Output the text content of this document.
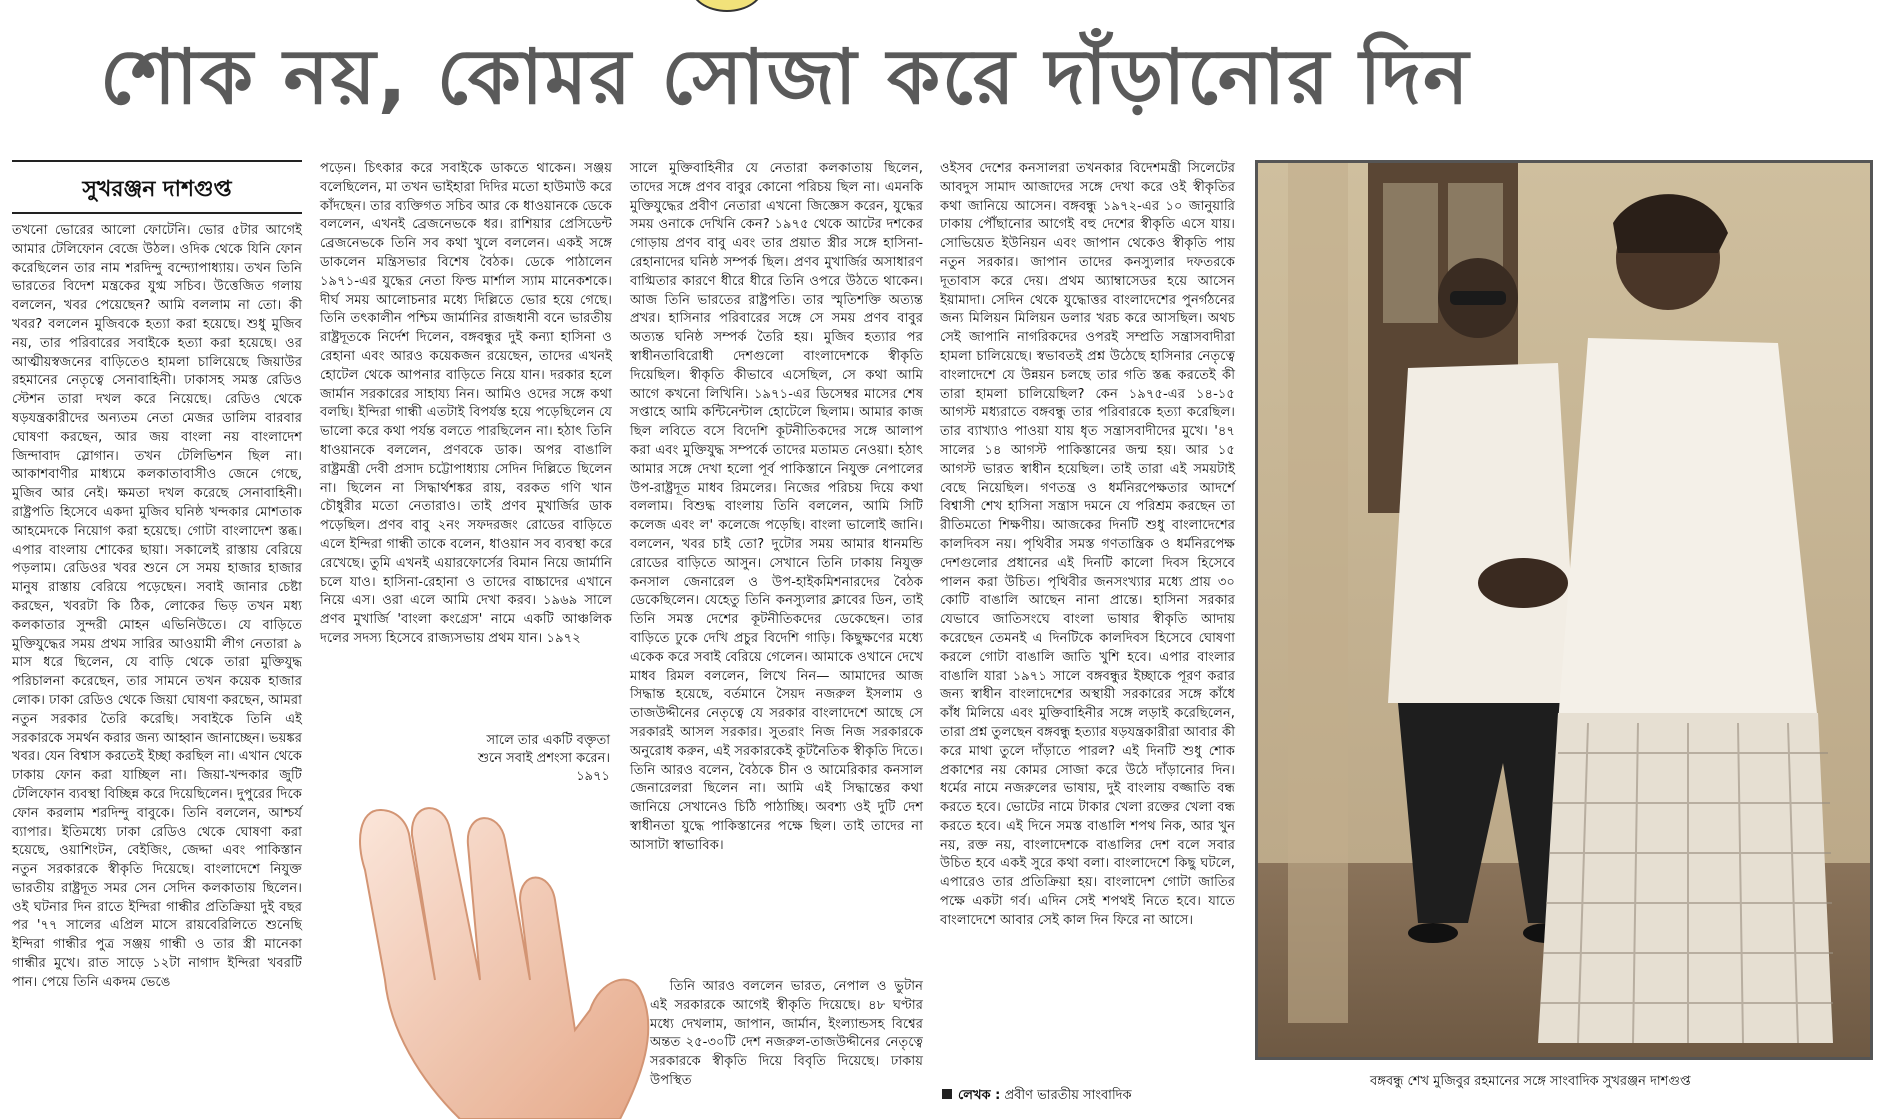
শোক নয়, কোমর সোজা করে দাঁড়ানোর দিন
সুখরঞ্জন দাশগুপ্ত

তখনো ভোরের আলো ফোটেনি। ভোর ৫টার আগেই আমার টেলিফোন বেজে উঠল। ওদিক থেকে যিনি ফোন করেছিলেন তার নাম শরদিন্দু বন্দ্যোপাধ্যায়। তখন তিনি ভারতের বিদেশ মন্ত্রকের যুগ্ম সচিব। উত্তেজিত গলায় বললেন, খবর পেয়েছেন? আমি বললাম না তো। কী খবর? বললেন মুজিবকে হত্যা করা হয়েছে। শুধু মুজিব নয়, তার পরিবারের সবাইকে হত্যা করা হয়েছে। ওর আত্মীয়স্বজনের বাড়িতেও হামলা চালিয়েছে জিয়াউর রহমানের নেতৃত্বে সেনাবাহিনী। ঢাকাসহ সমস্ত রেডিও স্টেশন তারা দখল করে নিয়েছে। রেডিও থেকে ষড়যন্ত্রকারীদের অন্যতম নেতা মেজর ডালিম বারবার ঘোষণা করছেন, আর জয় বাংলা নয় বাংলাদেশ জিন্দাবাদ স্লোগান। তখন টেলিভিশন ছিল না। আকাশবাণীর মাধ্যমে কলকাতাবাসীও জেনে গেছে, মুজিব আর নেই। ক্ষমতা দখল করেছে সেনাবাহিনী। রাষ্ট্রপতি হিসেবে একদা মুজিব ঘনিষ্ঠ খন্দকার মোশতাক আহমেদকে নিয়োগ করা হয়েছে। গোটা বাংলাদেশ স্তব্ধ। এপার বাংলায় শোকের ছায়া। সকালেই রাস্তায় বেরিয়ে পড়লাম। রেডিওর খবর শুনে সে সময় হাজার হাজার মানুষ রাস্তায় বেরিয়ে পড়েছেন। সবাই জানার চেষ্টা করছেন, খবরটা কি ঠিক, লোকের ভিড় তখন মধ্য কলকাতার সুন্দরী মোহন এভিনিউতে। যে বাড়িতে মুক্তিযুদ্ধের সময় প্রথম সারির আওয়ামী লীগ নেতারা ৯ মাস ধরে ছিলেন, যে বাড়ি থেকে তারা মুক্তিযুদ্ধ পরিচালনা করেছেন, তার সামনে তখন কয়েক হাজার লোক। ঢাকা রেডিও থেকে জিয়া ঘোষণা করছেন, আমরা নতুন সরকার তৈরি করেছি। সবাইকে তিনি এই সরকারকে সমর্থন করার জন্য আহ্বান জানাচ্ছেন। ভয়ঙ্কর খবর। যেন বিশ্বাস করতেই ইচ্ছা করছিল না। এখান থেকে ঢাকায় ফোন করা যাচ্ছিল না। জিয়া-খন্দকার জুটি টেলিফোন ব্যবস্থা বিচ্ছিন্ন করে দিয়েছিলেন। দুপুরের দিকে ফোন করলাম শরদিন্দু বাবুকে। তিনি বললেন, আশ্চর্য ব্যাপার। ইতিমধ্যে ঢাকা রেডিও থেকে ঘোষণা করা হয়েছে, ওয়াশিংটন, বেইজিং, জেদ্দা এবং পাকিস্তান নতুন সরকারকে স্বীকৃতি দিয়েছে। বাংলাদেশে নিযুক্ত ভারতীয় রাষ্ট্রদূত সমর সেন সেদিন কলকাতায় ছিলেন। ওই ঘটনার দিন রাতে ইন্দিরা গান্ধীর প্রতিক্রিয়া দুই বছর পর '৭৭ সালের এপ্রিল মাসে রায়বেরিলিতে শুনেছি ইন্দিরা গান্ধীর পুত্র সঞ্জয় গান্ধী ও তার স্ত্রী মানেকা গান্ধীর মুখে। রাত সাড়ে ১২টা নাগাদ ইন্দিরা খবরটি পান। পেয়ে তিনি একদম ভেঙে

পড়েন। চিৎকার করে সবাইকে ডাকতে থাকেন। সঞ্জয় বলেছিলেন, মা তখন ভাইহারা দিদির মতো হাউমাউ করে কাঁদছেন। তার ব্যক্তিগত সচিব আর কে ধাওয়ানকে ডেকে বললেন, এখনই ব্রেজনেভকে ধর। রাশিয়ার প্রেসিডেন্ট ব্রেজনেভকে তিনি সব কথা খুলে বললেন। একই সঙ্গে ডাকলেন মন্ত্রিসভার বিশেষ বৈঠক। ডেকে পাঠালেন ১৯৭১-এর যুদ্ধের নেতা ফিল্ড মার্শাল স্যাম মানেকশকে। দীর্ঘ সময় আলোচনার মধ্যে দিল্লিতে ভোর হয়ে গেছে। তিনি তৎকালীন পশ্চিম জার্মানির রাজধানী বনে ভারতীয় রাষ্ট্রদূতকে নির্দেশ দিলেন, বঙ্গবন্ধুর দুই কন্যা হাসিনা ও রেহানা এবং আরও কয়েকজন রয়েছেন, তাদের এখনই হোটেল থেকে আপনার বাড়িতে নিয়ে যান। দরকার হলে জার্মান সরকারের সাহায্য নিন। আমিও ওদের সঙ্গে কথা বলছি। ইন্দিরা গান্ধী এতটাই বিপর্যস্ত হয়ে পড়েছিলেন যে ভালো করে কথা পর্যন্ত বলতে পারছিলেন না। হঠাৎ তিনি ধাওয়ানকে বললেন, প্রণবকে ডাক। অপর বাঙালি রাষ্ট্রমন্ত্রী দেবী প্রসাদ চট্টোপাধ্যায় সেদিন দিল্লিতে ছিলেন না। ছিলেন না সিদ্ধার্থশঙ্কর রায়, বরকত গণি খান চৌধুরীর মতো নেতারাও। তাই প্রণব মুখার্জির ডাক পড়েছিল। প্রণব বাবু ২নং সফদরজং রোডের বাড়িতে এলে ইন্দিরা গান্ধী তাকে বলেন, ধাওয়ান সব ব্যবস্থা করে রেখেছে। তুমি এখনই এয়ারফোর্সের বিমান নিয়ে জার্মানি চলে যাও। হাসিনা-রেহানা ও তাদের বাচ্চাদের এখানে নিয়ে এস। ওরা এলে আমি দেখা করব। ১৯৬৯ সালে প্রণব মুখার্জি 'বাংলা কংগ্রেস' নামে একটি আঞ্চলিক দলের সদস্য হিসেবে রাজ্যসভায় প্রথম যান। ১৯৭২

সালে তার একটি বক্তৃতা শুনে সবাই প্রশংসা করেন। ১৯৭১

সালে মুক্তিবাহিনীর যে নেতারা কলকাতায় ছিলেন, তাদের সঙ্গে প্রণব বাবুর কোনো পরিচয় ছিল না। এমনকি মুক্তিযুদ্ধের প্রবীণ নেতারা এখনো জিজ্ঞেস করেন, যুদ্ধের সময় ওনাকে দেখিনি কেন? ১৯৭৫ থেকে আটের দশকের গোড়ায় প্রণব বাবু এবং তার প্রয়াত স্ত্রীর সঙ্গে হাসিনা-রেহানাদের ঘনিষ্ঠ সম্পর্ক ছিল। প্রণব মুখার্জির অসাধারণ বাগ্মিতার কারণে ধীরে ধীরে তিনি ওপরে উঠতে থাকেন। আজ তিনি ভারতের রাষ্ট্রপতি। তার স্মৃতিশক্তি অত্যন্ত প্রখর। হাসিনার পরিবারের সঙ্গে সে সময় প্রণব বাবুর অত্যন্ত ঘনিষ্ঠ সম্পর্ক তৈরি হয়। মুজিব হত্যার পর স্বাধীনতাবিরোধী দেশগুলো বাংলাদেশকে স্বীকৃতি দিয়েছিল। স্বীকৃতি কীভাবে এসেছিল, সে কথা আমি আগে কখনো লিখিনি। ১৯৭১-এর ডিসেম্বর মাসের শেষ সপ্তাহে আমি কন্টিনেন্টাল হোটেলে ছিলাম। আমার কাজ ছিল লবিতে বসে বিদেশি কূটনীতিকদের সঙ্গে আলাপ করা এবং মুক্তিযুদ্ধ সম্পর্কে তাদের মতামত নেওয়া। হঠাৎ আমার সঙ্গে দেখা হলো পূর্ব পাকিস্তানে নিযুক্ত নেপালের উপ-রাষ্ট্রদূত মাধব রিমলের। নিজের পরিচয় দিয়ে কথা বললাম। বিশুদ্ধ বাংলায় তিনি বললেন, আমি সিটি কলেজ এবং ল' কলেজে পড়েছি। বাংলা ভালোই জানি। বললেন, খবর চাই তো? দুটোর সময় আমার ধানমন্ডি রোডের বাড়িতে আসুন। সেখানে তিনি ঢাকায় নিযুক্ত কনসাল জেনারেল ও উপ-হাইকমিশনারদের বৈঠক ডেকেছিলেন। যেহেতু তিনি কনস্যুলার ক্লাবের ডিন, তাই তিনি সমস্ত দেশের কূটনীতিকদের ডেকেছেন। তার বাড়িতে ঢুকে দেখি প্রচুর বিদেশি গাড়ি। কিছুক্ষণের মধ্যে একেক করে সবাই বেরিয়ে গেলেন। আমাকে ওখানে দেখে মাধব রিমল বললেন, লিখে নিন— আমাদের আজ সিদ্ধান্ত হয়েছে, বর্তমানে সৈয়দ নজরুল ইসলাম ও তাজউদ্দীনের নেতৃত্বে যে সরকার বাংলাদেশে আছে সে সরকারই আসল সরকার। সুতরাং নিজ নিজ সরকারকে অনুরোধ করুন, এই সরকারকেই কূটনৈতিক স্বীকৃতি দিতে। তিনি আরও বলেন, বৈঠকে চীন ও আমেরিকার কনসাল জেনারেলরা ছিলেন না। আমি এই সিদ্ধান্তের কথা জানিয়ে সেখানেও চিঠি পাঠাচ্ছি। অবশ্য ওই দুটি দেশ স্বাধীনতা যুদ্ধে পাকিস্তানের পক্ষে ছিল। তাই তাদের না আসাটা স্বাভাবিক।

তিনি আরও বললেন ভারত, নেপাল ও ভুটান এই সরকারকে আগেই স্বীকৃতি দিয়েছে। ৪৮ ঘণ্টার মধ্যে দেখলাম, জাপান, জার্মান, ইংল্যান্ডসহ বিশ্বের অন্তত ২৫-৩০টি দেশ নজরুল-তাজউদ্দীনের নেতৃত্বে সরকারকে স্বীকৃতি দিয়ে বিবৃতি দিয়েছে। ঢাকায় উপস্থিত

ওইসব দেশের কনসালরা তখনকার বিদেশমন্ত্রী সিলেটের আবদুস সামাদ আজাদের সঙ্গে দেখা করে ওই স্বীকৃতির কথা জানিয়ে আসেন। বঙ্গবন্ধু ১৯৭২-এর ১০ জানুয়ারি ঢাকায় পৌঁছানোর আগেই বহু দেশের স্বীকৃতি এসে যায়। সোভিয়েত ইউনিয়ন এবং জাপান থেকেও স্বীকৃতি পায় নতুন সরকার। জাপান তাদের কনস্যুলার দফতরকে দূতাবাস করে দেয়। প্রথম অ্যাম্বাসেডর হয়ে আসেন ইয়ামাদা। সেদিন থেকে যুদ্ধোত্তর বাংলাদেশের পুনর্গঠনের জন্য মিলিয়ন মিলিয়ন ডলার খরচ করে আসছিল। অথচ সেই জাপানি নাগরিকদের ওপরই সম্প্রতি সন্ত্রাসবাদীরা হামলা চালিয়েছে। স্বভাবতই প্রশ্ন উঠেছে হাসিনার নেতৃত্বে বাংলাদেশে যে উন্নয়ন চলছে তার গতি স্তব্ধ করতেই কী তারা হামলা চালিয়েছিল? কেন ১৯৭৫-এর ১৪-১৫ আগস্ট মধ্যরাতে বঙ্গবন্ধু তার পরিবারকে হত্যা করেছিল। তার ব্যাখ্যাও পাওয়া যায় ধৃত সন্ত্রাসবাদীদের মুখে। '৪৭ সালের ১৪ আগস্ট পাকিস্তানের জন্ম হয়। আর ১৫ আগস্ট ভারত স্বাধীন হয়েছিল। তাই তারা এই সময়টাই বেছে নিয়েছিল। গণতন্ত্র ও ধর্মনিরপেক্ষতার আদর্শে বিশ্বাসী শেখ হাসিনা সন্ত্রাস দমনে যে পরিশ্রম করছেন তা রীতিমতো শিক্ষণীয়। আজকের দিনটি শুধু বাংলাদেশের কালদিবস নয়। পৃথিবীর সমস্ত গণতান্ত্রিক ও ধর্মনিরপেক্ষ দেশগুলোর প্রধানের এই দিনটি কালো দিবস হিসেবে পালন করা উচিত। পৃথিবীর জনসংখ্যার মধ্যে প্রায় ৩০ কোটি বাঙালি আছেন নানা প্রান্তে। হাসিনা সরকার যেভাবে জাতিসংঘে বাংলা ভাষার স্বীকৃতি আদায় করেছেন তেমনই এ দিনটিকে কালদিবস হিসেবে ঘোষণা করলে গোটা বাঙালি জাতি খুশি হবে। এপার বাংলার বাঙালি যারা ১৯৭১ সালে বঙ্গবন্ধুর ইচ্ছাকে পূরণ করার জন্য স্বাধীন বাংলাদেশের অস্থায়ী সরকারের সঙ্গে কাঁধে কাঁধ মিলিয়ে এবং মুক্তিবাহিনীর সঙ্গে লড়াই করেছিলেন, তারা প্রশ্ন তুলছেন বঙ্গবন্ধু হত্যার ষড়যন্ত্রকারীরা আবার কী করে মাথা তুলে দাঁড়াতে পারল? এই দিনটি শুধু শোক প্রকাশের নয় কোমর সোজা করে উঠে দাঁড়ানোর দিন। ধর্মের নামে নজরুলের ভাষায়, দুই বাংলায় বজ্জাতি বন্ধ করতে হবে। ভোটের নামে টাকার খেলা রক্তের খেলা বন্ধ করতে হবে। এই দিনে সমস্ত বাঙালি শপথ নিক, আর খুন নয়, রক্ত নয়, বাংলাদেশকে বাঙালির দেশ বলে সবার উচিত হবে একই সুরে কথা বলা। বাংলাদেশে কিছু ঘটলে, এপারেও তার প্রতিক্রিয়া হয়। বাংলাদেশ গোটা জাতির পক্ষে একটা গর্ব। এদিন সেই শপথই নিতে হবে। যাতে বাংলাদেশে আবার সেই কাল দিন ফিরে না আসে।

লেখক : প্রবীণ ভারতীয় সাংবাদিক
বঙ্গবন্ধু শেখ মুজিবুর রহমানের সঙ্গে সাংবাদিক সুখরঞ্জন দাশগুপ্ত
